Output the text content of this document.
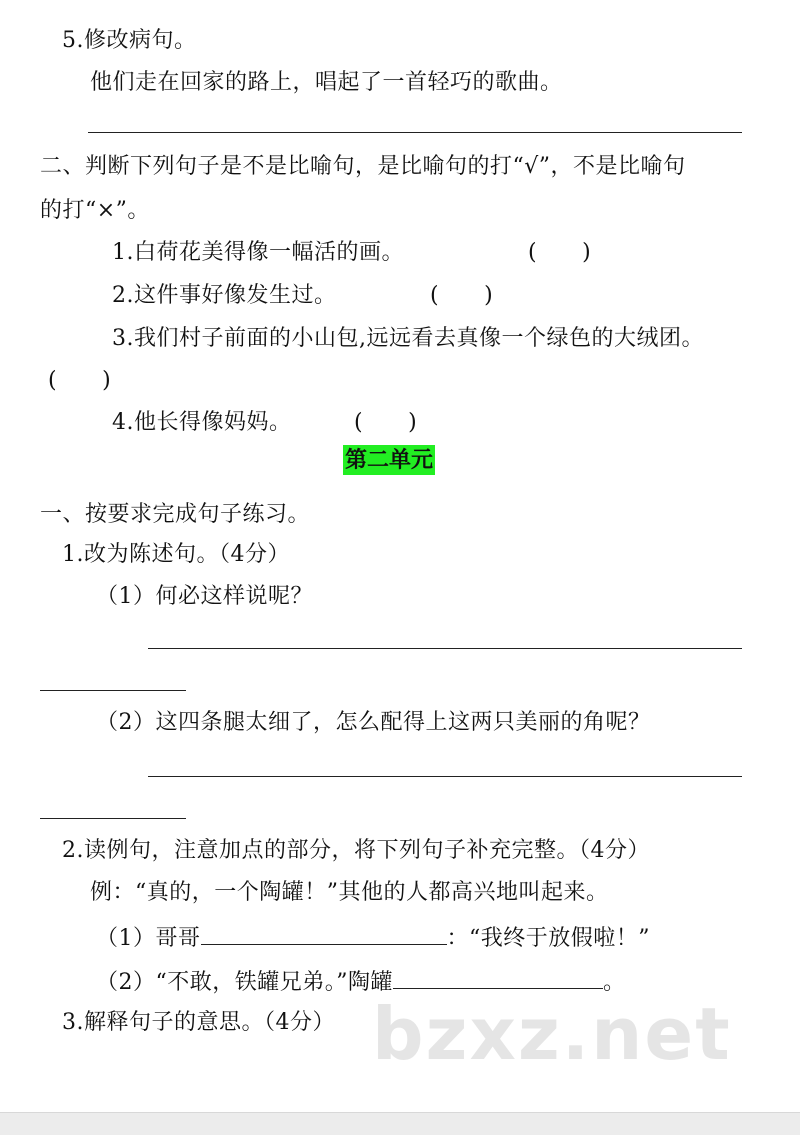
5.修改病句。
他们走在回家的路上，唱起了一首轻巧的歌曲。
二、判断下列句子是不是比喻句，是比喻句的打“√”，不是比喻句
的打“×”。
1.白荷花美得像一幅活的画。	(　　)
2.这件事好像发生过。	(　　)
3.我们村子前面的小山包,远远看去真像一个绿色的大绒团。
(　　)
4.他长得像妈妈。	(　　)
第二单元
一、按要求完成句子练习。
1.改为陈述句。（4分）
（1）何必这样说呢？
（2）这四条腿太细了，怎么配得上这两只美丽的角呢？
2.读例句，注意加点的部分，将下列句子补充完整。（4分）
例：“真的，一个陶罐！”其他的人都高兴地叫起来。
（1）哥哥	：“我终于放假啦！”
（2）“不敢，铁罐兄弟。”陶罐	。
3.解释句子的意思。（4分） bzxz.net
